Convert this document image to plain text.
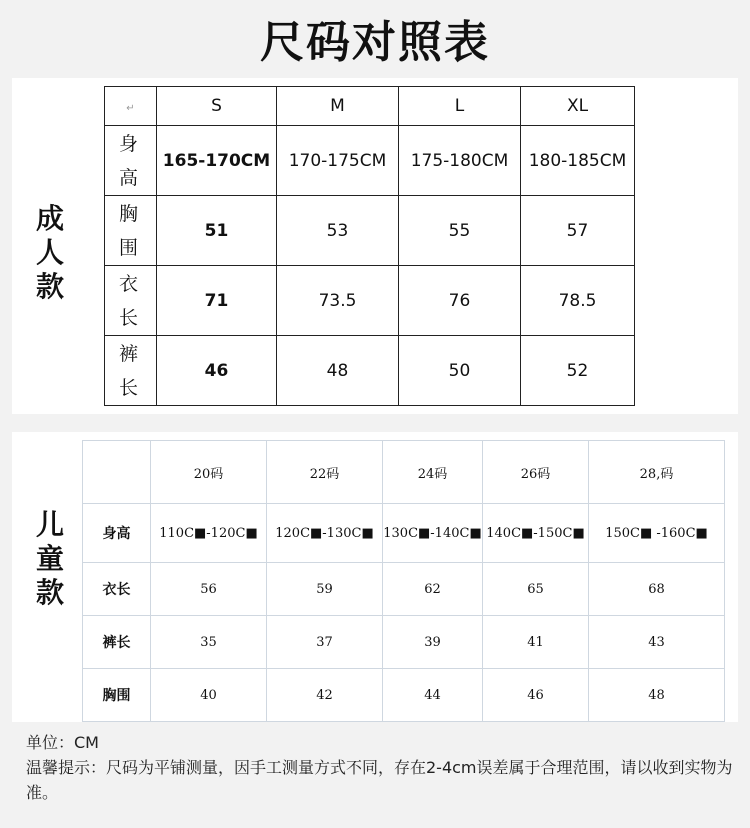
尺码对照表
成人款
↵	S	M	L	XL
身高	165-170CM	170-175CM	175-180CM	180-185CM
胸围	51	53	55	57
衣长	71	73.5	76	78.5
裤长	46	48	50	52
儿童款
	20码	22码	24码	26码	28,码
身高	110C■-120C■	120C■-130C■	130C■-140C■	140C■-150C■	150C■ -160C■
衣长	56	59	62	65	68
裤长	35	37	39	41	43
胸围	40	42	44	46	48
单位：CM
温馨提示：尺码为平铺测量，因手工测量方式不同，存在2-4cm误差属于合理范围，请以收到实物为准。
